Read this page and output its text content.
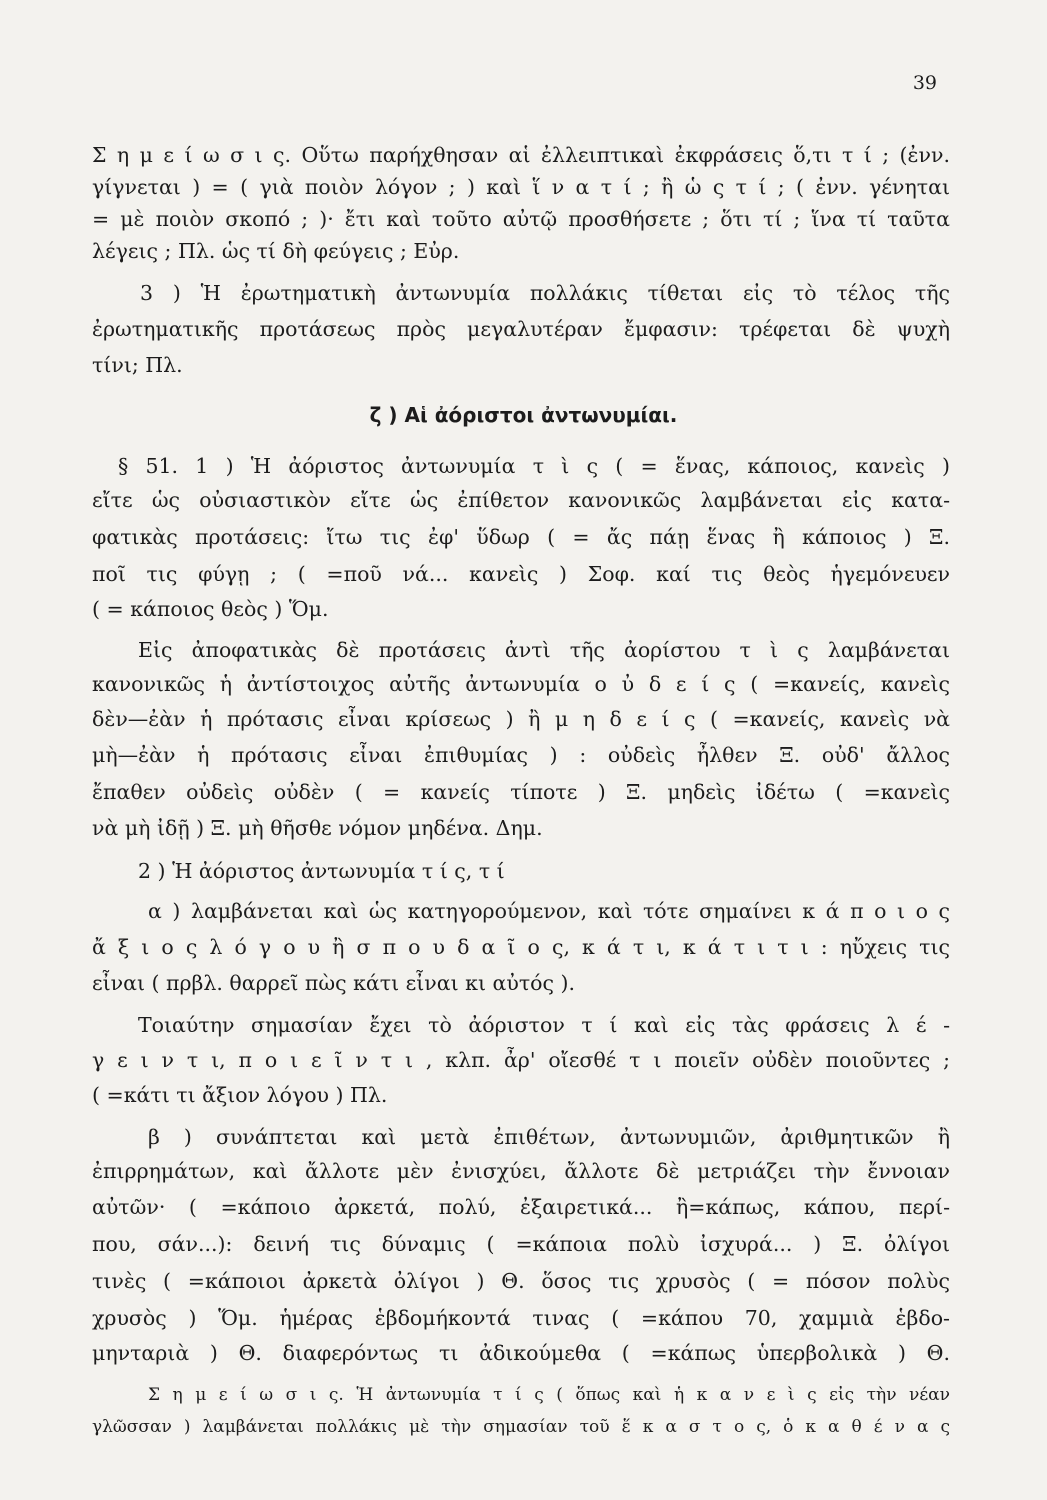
39
Σ η μ ε ί ω σ ι ς. Οὕτω παρήχθησαν αἱ ἐλλειπτικαὶ ἐκφράσεις ὅ,τι τ ί ; (ἐνν.
γίγνεται ) = ( γιὰ ποιὸν λόγον ; ) καὶ ἵ ν α τ ί ; ἢ ὡ ς τ ί ; ( ἐνν. γένηται
= μὲ ποιὸν σκοπό ; )· ἔτι καὶ τοῦτο αὐτῷ προσθήσετε ; ὅτι τί ; ἵνα τί ταῦτα
λέγεις ; Πλ. ὡς τί δὴ φεύγεις ; Εὐρ.
3 ) Ἡ ἐρωτηματικὴ ἀντωνυμία πολλάκις τίθεται εἰς τὸ τέλος τῆς
ἐρωτηματικῆς προτάσεως πρὸς μεγαλυτέραν ἔμφασιν: τρέφεται δὲ ψυχὴ
τίνι; Πλ.
ζ ) Αἱ ἀόριστοι ἀντωνυμίαι.
§ 51. 1 ) Ἡ ἀόριστος ἀντωνυμία τ ὶ ς ( = ἕνας, κάποιος, κανεὶς )
εἴτε ὡς οὐσιαστικὸν εἴτε ὡς ἐπίθετον κανονικῶς λαμβάνεται εἰς κατα-
φατικὰς προτάσεις: ἴτω τις ἐφ' ὕδωρ ( = ἄς πάῃ ἕνας ἢ κάποιος ) Ξ.
ποῖ τις φύγῃ ; ( =ποῦ νά... κανεὶς ) Σοφ. καί τις θεὸς ἡγεμόνευεν
( = κάποιος θεὸς ) Ὅμ.
Εἰς ἀποφατικὰς δὲ προτάσεις ἀντὶ τῆς ἀορίστου τ ὶ ς λαμβάνεται
κανονικῶς ἡ ἀντίστοιχος αὐτῆς ἀντωνυμία ο ὐ δ ε ί ς ( =κανείς, κανεὶς
δὲν—ἐὰν ἡ πρότασις εἶναι κρίσεως ) ἢ μ η δ ε ί ς ( =κανείς, κανεὶς νὰ
μὴ—ἐὰν ἡ πρότασις εἶναι ἐπιθυμίας ) : οὐδεὶς ἦλθεν Ξ. οὐδ' ἄλλος
ἔπαθεν οὐδεὶς οὐδὲν ( = κανείς τίποτε ) Ξ. μηδεὶς ἰδέτω ( =κανεὶς
νὰ μὴ ἰδῇ ) Ξ. μὴ θῆσθε νόμον μηδένα. Δημ.
2 ) Ἡ ἀόριστος ἀντωνυμία τ ί ς, τ ί
α ) λαμβάνεται καὶ ὡς κατηγορούμενον, καὶ τότε σημαίνει κ ά π ο ι ο ς
ἄ ξ ι ο ς λ ό γ ο υ ἢ σ π ο υ δ α ῖ ο ς, κ ά τ ι, κ ά τ ι τ ι : ηὔχεις τις
εἶναι ( πρβλ. θαρρεῖ πὼς κάτι εἶναι κι αὐτός ).
Τοιαύτην σημασίαν ἔχει τὸ ἀόριστον τ ί καὶ εἰς τὰς φράσεις λ έ -
γ ε ι ν τ ι, π ο ι ε ῖ ν τ ι , κλπ. ἆρ' οἴεσθέ τ ι ποιεῖν οὐδὲν ποιοῦντες ;
( =κάτι τι ἄξιον λόγου ) Πλ.
β ) συνάπτεται καὶ μετὰ ἐπιθέτων, ἀντωνυμιῶν, ἀριθμητικῶν ἢ
ἐπιρρημάτων, καὶ ἄλλοτε μὲν ἐνισχύει, ἄλλοτε δὲ μετριάζει τὴν ἔννοιαν
αὐτῶν· ( =κάποιο ἀρκετά, πολύ, ἐξαιρετικά... ἢ=κάπως, κάπου, περί-
που, σάν...): δεινή τις δύναμις ( =κάποια πολὺ ἰσχυρά... ) Ξ. ὀλίγοι
τινὲς ( =κάποιοι ἀρκετὰ ὀλίγοι ) Θ. ὅσος τις χρυσὸς ( = πόσον πολὺς
χρυσὸς ) Ὅμ. ἡμέρας ἑβδομήκοντά τινας ( =κάπου 70, χαμμιὰ ἑβδο-
μηνταριὰ ) Θ. διαφερόντως τι ἀδικούμεθα ( =κάπως ὑπερβολικὰ ) Θ.
Σ η μ ε ί ω σ ι ς. Ἡ ἀντωνυμία τ ί ς ( ὅπως καὶ ἡ κ α ν ε ὶ ς εἰς τὴν νέαν
γλῶσσαν ) λαμβάνεται πολλάκις μὲ τὴν σημασίαν τοῦ ἕ κ α σ τ ο ς, ὁ κ α θ έ ν α ς
